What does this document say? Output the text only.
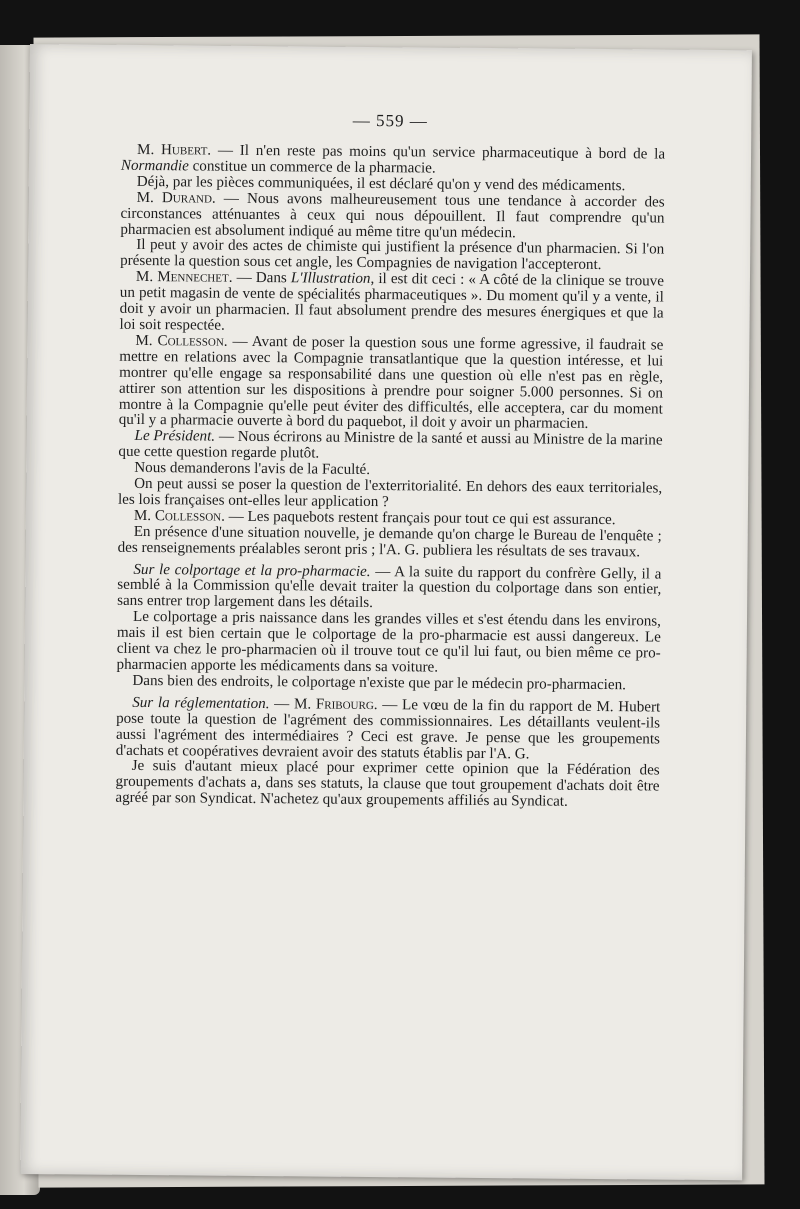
— 559 —

M. Hubert. — Il n'en reste pas moins qu'un service pharmaceutique à bord de la Normandie constitue un commerce de la pharmacie.

Déjà, par les pièces communiquées, il est déclaré qu'on y vend des médicaments.

M. Durand. — Nous avons malheureusement tous une tendance à accorder des circonstances atténuantes à ceux qui nous dépouillent. Il faut comprendre qu'un pharmacien est absolument indiqué au même titre qu'un médecin.

Il peut y avoir des actes de chimiste qui justifient la présence d'un pharmacien. Si l'on présente la question sous cet angle, les Compagnies de navigation l'accepteront.

M. Mennechet. — Dans L'Illustration, il est dit ceci : « A côté de la clinique se trouve un petit magasin de vente de spécialités pharmaceutiques ». Du moment qu'il y a vente, il doit y avoir un pharmacien. Il faut absolument prendre des mesures énergiques et que la loi soit respectée.

M. Collesson. — Avant de poser la question sous une forme agressive, il faudrait se mettre en relations avec la Compagnie transatlantique que la question intéresse, et lui montrer qu'elle engage sa responsabilité dans une question où elle n'est pas en règle, attirer son attention sur les dispositions à prendre pour soigner 5.000 personnes. Si on montre à la Compagnie qu'elle peut éviter des difficultés, elle acceptera, car du moment qu'il y a pharmacie ouverte à bord du paquebot, il doit y avoir un pharmacien.

Le Président. — Nous écrirons au Ministre de la santé et aussi au Ministre de la marine que cette question regarde plutôt.

Nous demanderons l'avis de la Faculté.

On peut aussi se poser la question de l'exterritorialité. En dehors des eaux territoriales, les lois françaises ont-elles leur application ?

M. Collesson. — Les paquebots restent français pour tout ce qui est assurance.

En présence d'une situation nouvelle, je demande qu'on charge le Bureau de l'enquête ; des renseignements préalables seront pris ; l'A. G. publiera les résultats de ses travaux.

Sur le colportage et la pro-pharmacie. — A la suite du rapport du confrère Gelly, il a semblé à la Commission qu'elle devait traiter la question du colportage dans son entier, sans entrer trop largement dans les détails.

Le colportage a pris naissance dans les grandes villes et s'est étendu dans les environs, mais il est bien certain que le colportage de la pro-pharmacie est aussi dangereux. Le client va chez le pro-pharmacien où il trouve tout ce qu'il lui faut, ou bien même ce pro-pharmacien apporte les médicaments dans sa voiture.

Dans bien des endroits, le colportage n'existe que par le médecin pro-pharmacien.

Sur la réglementation. — M. Fribourg. — Le vœu de la fin du rapport de M. Hubert pose toute la question de l'agrément des commissionnaires. Les détaillants veulent-ils aussi l'agrément des intermédiaires ? Ceci est grave. Je pense que les groupements d'achats et coopératives devraient avoir des statuts établis par l'A. G.

Je suis d'autant mieux placé pour exprimer cette opinion que la Fédération des groupements d'achats a, dans ses statuts, la clause que tout groupement d'achats doit être agréé par son Syndicat. N'achetez qu'aux groupements affiliés au Syndicat.
